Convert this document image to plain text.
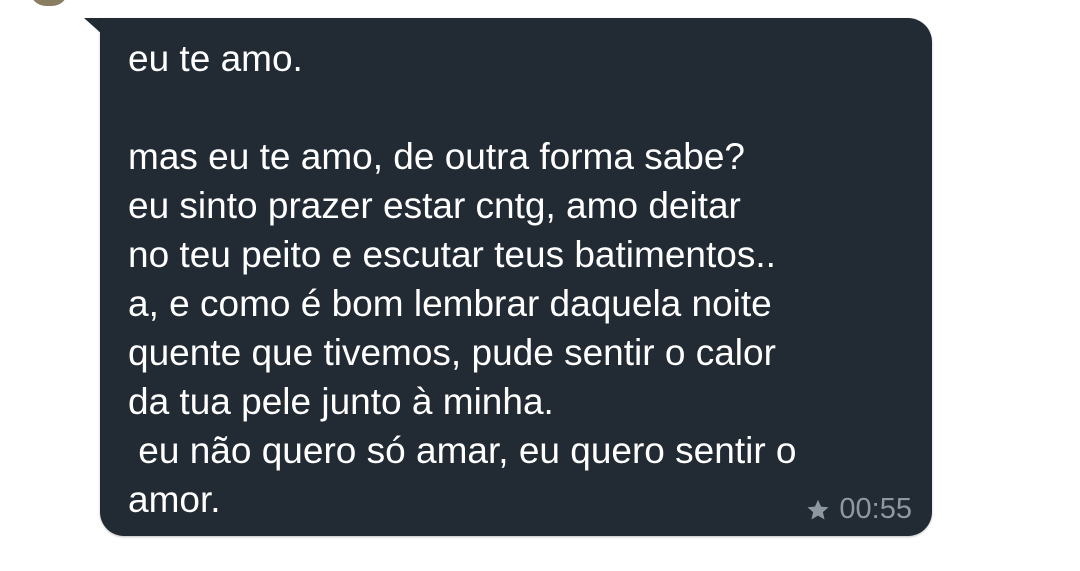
eu te amo.

mas eu te amo, de outra forma sabe?
eu sinto prazer estar cntg, amo deitar
no teu peito e escutar teus batimentos..
a, e como é bom lembrar daquela noite
quente que tivemos, pude sentir o calor
da tua pele junto à minha.
eu não quero só amar, eu quero sentir o
amor.	00:55
